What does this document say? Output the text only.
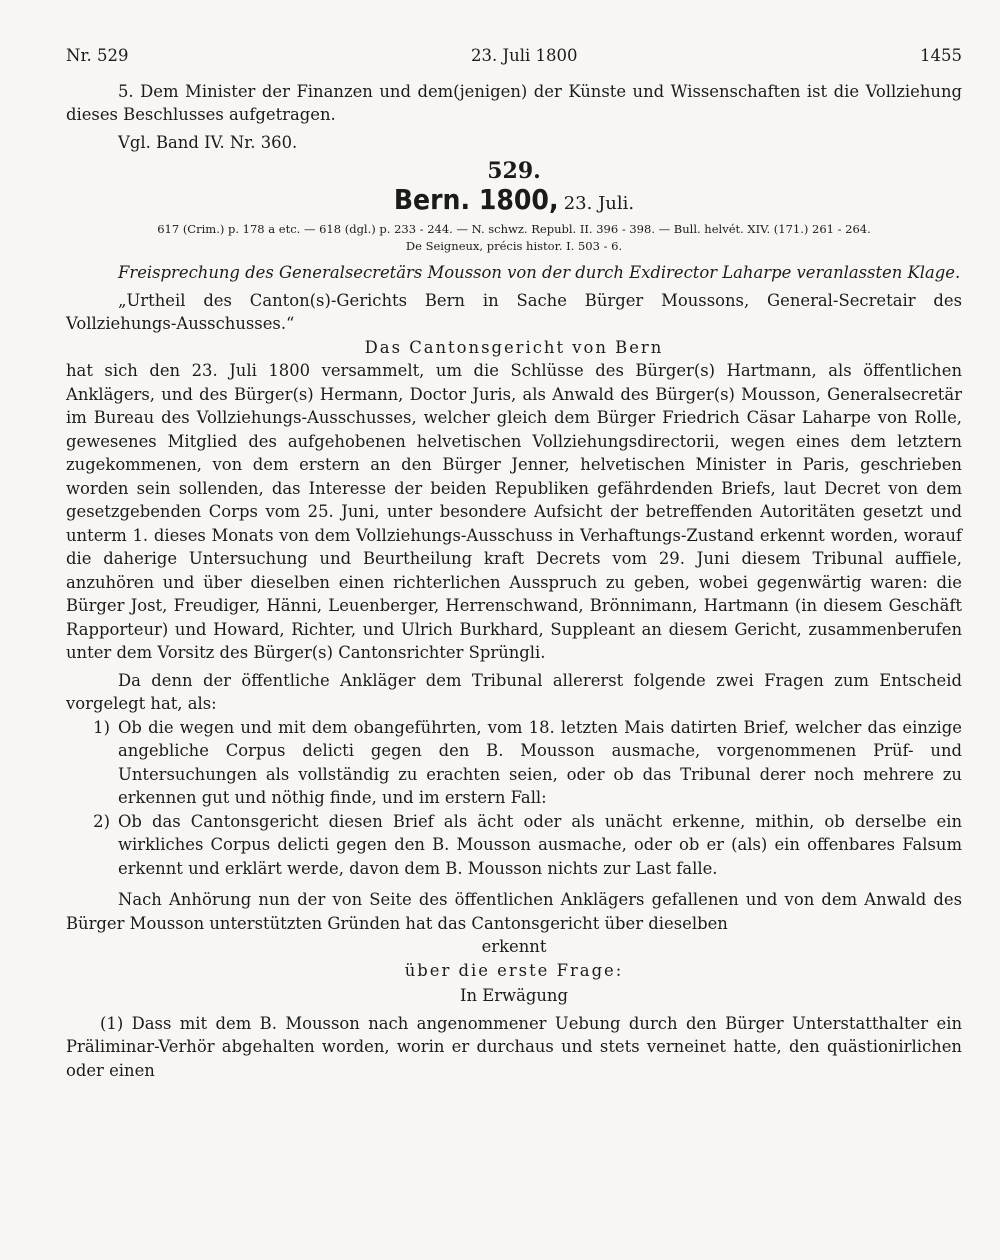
Nr. 529	23. Juli 1800	1455

5. Dem Minister der Finanzen und dem(jenigen) der Künste und Wissenschaften ist die Vollziehung dieses Beschlusses aufgetragen.

Vgl. Band IV. Nr. 360.

529.
Bern. 1800, 23. Juli.

617 (Crim.) p. 178 a etc. — 618 (dgl.) p. 233 - 244. — N. schwz. Republ. II. 396 - 398. — Bull. helvét. XIV. (171.) 261 - 264.

De Seigneux, précis histor. I. 503 - 6.

Freisprechung des Generalsecretärs Mousson von der durch Exdirector Laharpe veranlassten Klage.

„Urtheil des Canton(s)-Gerichts Bern in Sache Bürger Moussons, General-Secretair des Vollziehungs-Ausschusses.“

Das Cantonsgericht von Bern

hat sich den 23. Juli 1800 versammelt, um die Schlüsse des Bürger(s) Hartmann, als öffentlichen Anklägers, und des Bürger(s) Hermann, Doctor Juris, als Anwald des Bürger(s) Mousson, Generalsecretär im Bureau des Vollziehungs-Ausschusses, welcher gleich dem Bürger Friedrich Cäsar Laharpe von Rolle, gewesenes Mitglied des aufgehobenen helvetischen Vollziehungsdirectorii, wegen eines dem letztern zugekommenen, von dem erstern an den Bürger Jenner, helvetischen Minister in Paris, geschrieben worden sein sollenden, das Interesse der beiden Republiken gefährdenden Briefs, laut Decret von dem gesetzgebenden Corps vom 25. Juni, unter besondere Aufsicht der betreffenden Autoritäten gesetzt und unterm 1. dieses Monats von dem Vollziehungs-Ausschuss in Verhaftungs-Zustand erkennt worden, worauf die daherige Untersuchung und Beurtheilung kraft Decrets vom 29. Juni diesem Tribunal auffiele, anzuhören und über dieselben einen richterlichen Ausspruch zu geben, wobei gegenwärtig waren: die Bürger Jost, Freudiger, Hänni, Leuenberger, Herrenschwand, Brönnimann, Hartmann (in diesem Geschäft Rapporteur) und Howard, Richter, und Ulrich Burkhard, Suppleant an diesem Gericht, zusammenberufen unter dem Vorsitz des Bürger(s) Cantonsrichter Sprüngli.

Da denn der öffentliche Ankläger dem Tribunal allererst folgende zwei Fragen zum Entscheid vorgelegt hat, als:

1) Ob die wegen und mit dem obangeführten, vom 18. letzten Mais datirten Brief, welcher das einzige angebliche Corpus delicti gegen den B. Mousson ausmache, vorgenommenen Prüf- und Untersuchungen als vollständig zu erachten seien, oder ob das Tribunal derer noch mehrere zu erkennen gut und nöthig finde, und im erstern Fall:
2) Ob das Cantonsgericht diesen Brief als ächt oder als unächt erkenne, mithin, ob derselbe ein wirkliches Corpus delicti gegen den B. Mousson ausmache, oder ob er (als) ein offenbares Falsum erkennt und erklärt werde, davon dem B. Mousson nichts zur Last falle.

Nach Anhörung nun der von Seite des öffentlichen Anklägers gefallenen und von dem Anwald des Bürger Mousson unterstützten Gründen hat das Cantonsgericht über dieselben

erkennt

über die erste Frage:

In Erwägung

(1) Dass mit dem B. Mousson nach angenommener Uebung durch den Bürger Unterstatthalter ein Präliminar-Verhör abgehalten worden, worin er durchaus und stets verneinet hatte, den quästionirlichen oder einen
